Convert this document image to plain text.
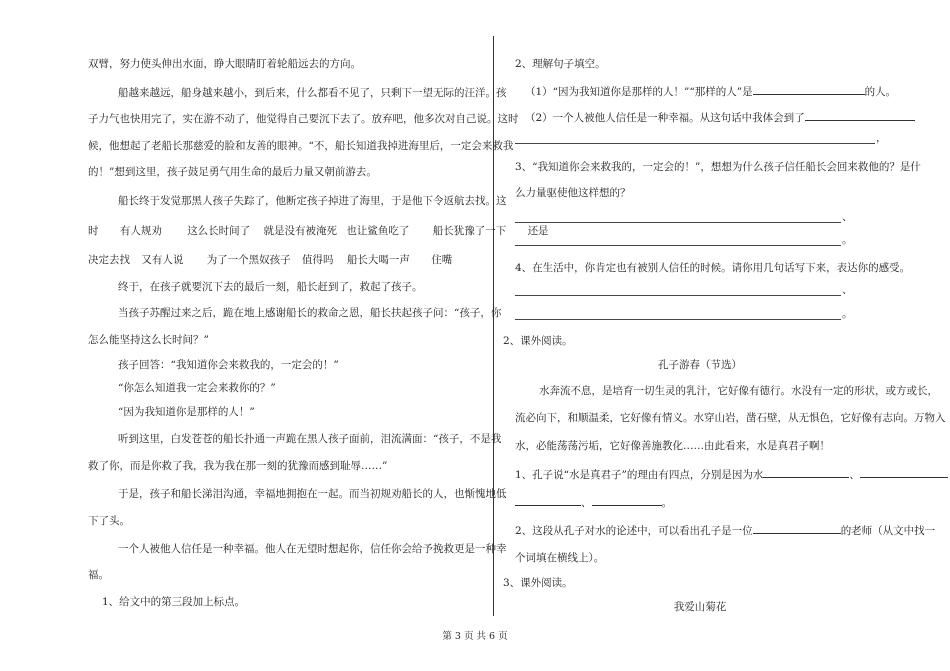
双臂，努力使头伸出水面，睁大眼睛盯着轮船远去的方向。
船越来越远，船身越来越小，到后来，什么都看不见了，只剩下一望无际的汪洋。孩
子力气也快用完了，实在游不动了，他觉得自己要沉下去了。放弃吧，他多次对自己说。这时
候，他想起了老船长那慈爱的脸和友善的眼神。“不，船长知道我掉进海里后，一定会来救我
的！”想到这里，孩子鼓足勇气用生命的最后力量又朝前游去。
船长终于发觉那黑人孩子失踪了，他断定孩子掉进了海里，于是他下令返航去找。这
时 有人规劝 这么长时间了 就是没有被淹死 也让鲨鱼吃了 船长犹豫了一下 还是
决定去找 又有人说 为了一个黑奴孩子 值得吗 船长大喝一声 住嘴
终于，在孩子就要沉下去的最后一刻，船长赶到了，救起了孩子。
当孩子苏醒过来之后，跪在地上感谢船长的救命之恩，船长扶起孩子问：“孩子，你
怎么能坚持这么长时间？”
孩子回答：“我知道你会来救我的，一定会的！”
“你怎么知道我一定会来救你的？”
“因为我知道你是那样的人！”
听到这里，白发苍苍的船长扑通一声跪在黑人孩子面前，泪流满面：“孩子，不是我
救了你，而是你救了我，我为我在那一刻的犹豫而感到耻辱……”
于是，孩子和船长涕泪沟通，幸福地拥抱在一起。而当初规劝船长的人，也惭愧地低
下了头。
一个人被他人信任是一种幸福。他人在无望时想起你，信任你会给予挽救更是一种幸
福。
1、给文中的第三段加上标点。
2、理解句子填空。
（1）“因为我知道你是那样的人！”“那样的人”是	的人。
（2）一个人被他人信任是一种幸福。从这句话中我体会到了
，
3、“我知道你会来救我的，一定会的！”，想想为什么孩子信任船长会回来救他的？是什
么力量驱使他这样想的？
、
。
4、在生活中，你肯定也有被别人信任的时候。请你用几句话写下来，表达你的感受。
、
。
2、课外阅读。
孔子游春（节选）
水奔流不息，是培育一切生灵的乳汁，它好像有德行。水没有一定的形状，或方或长，
流必向下，和顺温柔，它好像有情义。水穿山岩，凿石壁，从无惧色，它好像有志向。万物入
水，必能荡荡污垢，它好像善施教化……由此看来，水是真君子啊！
1、孔子说“水是真君子”的理由有四点，分别是因为水	、
、	。
2、这段从孔子对水的论述中，可以看出孔子是一位	的老师（从文中找一
个词填在横线上）。
3、课外阅读。
我爱山菊花
第 3 页 共 6 页
